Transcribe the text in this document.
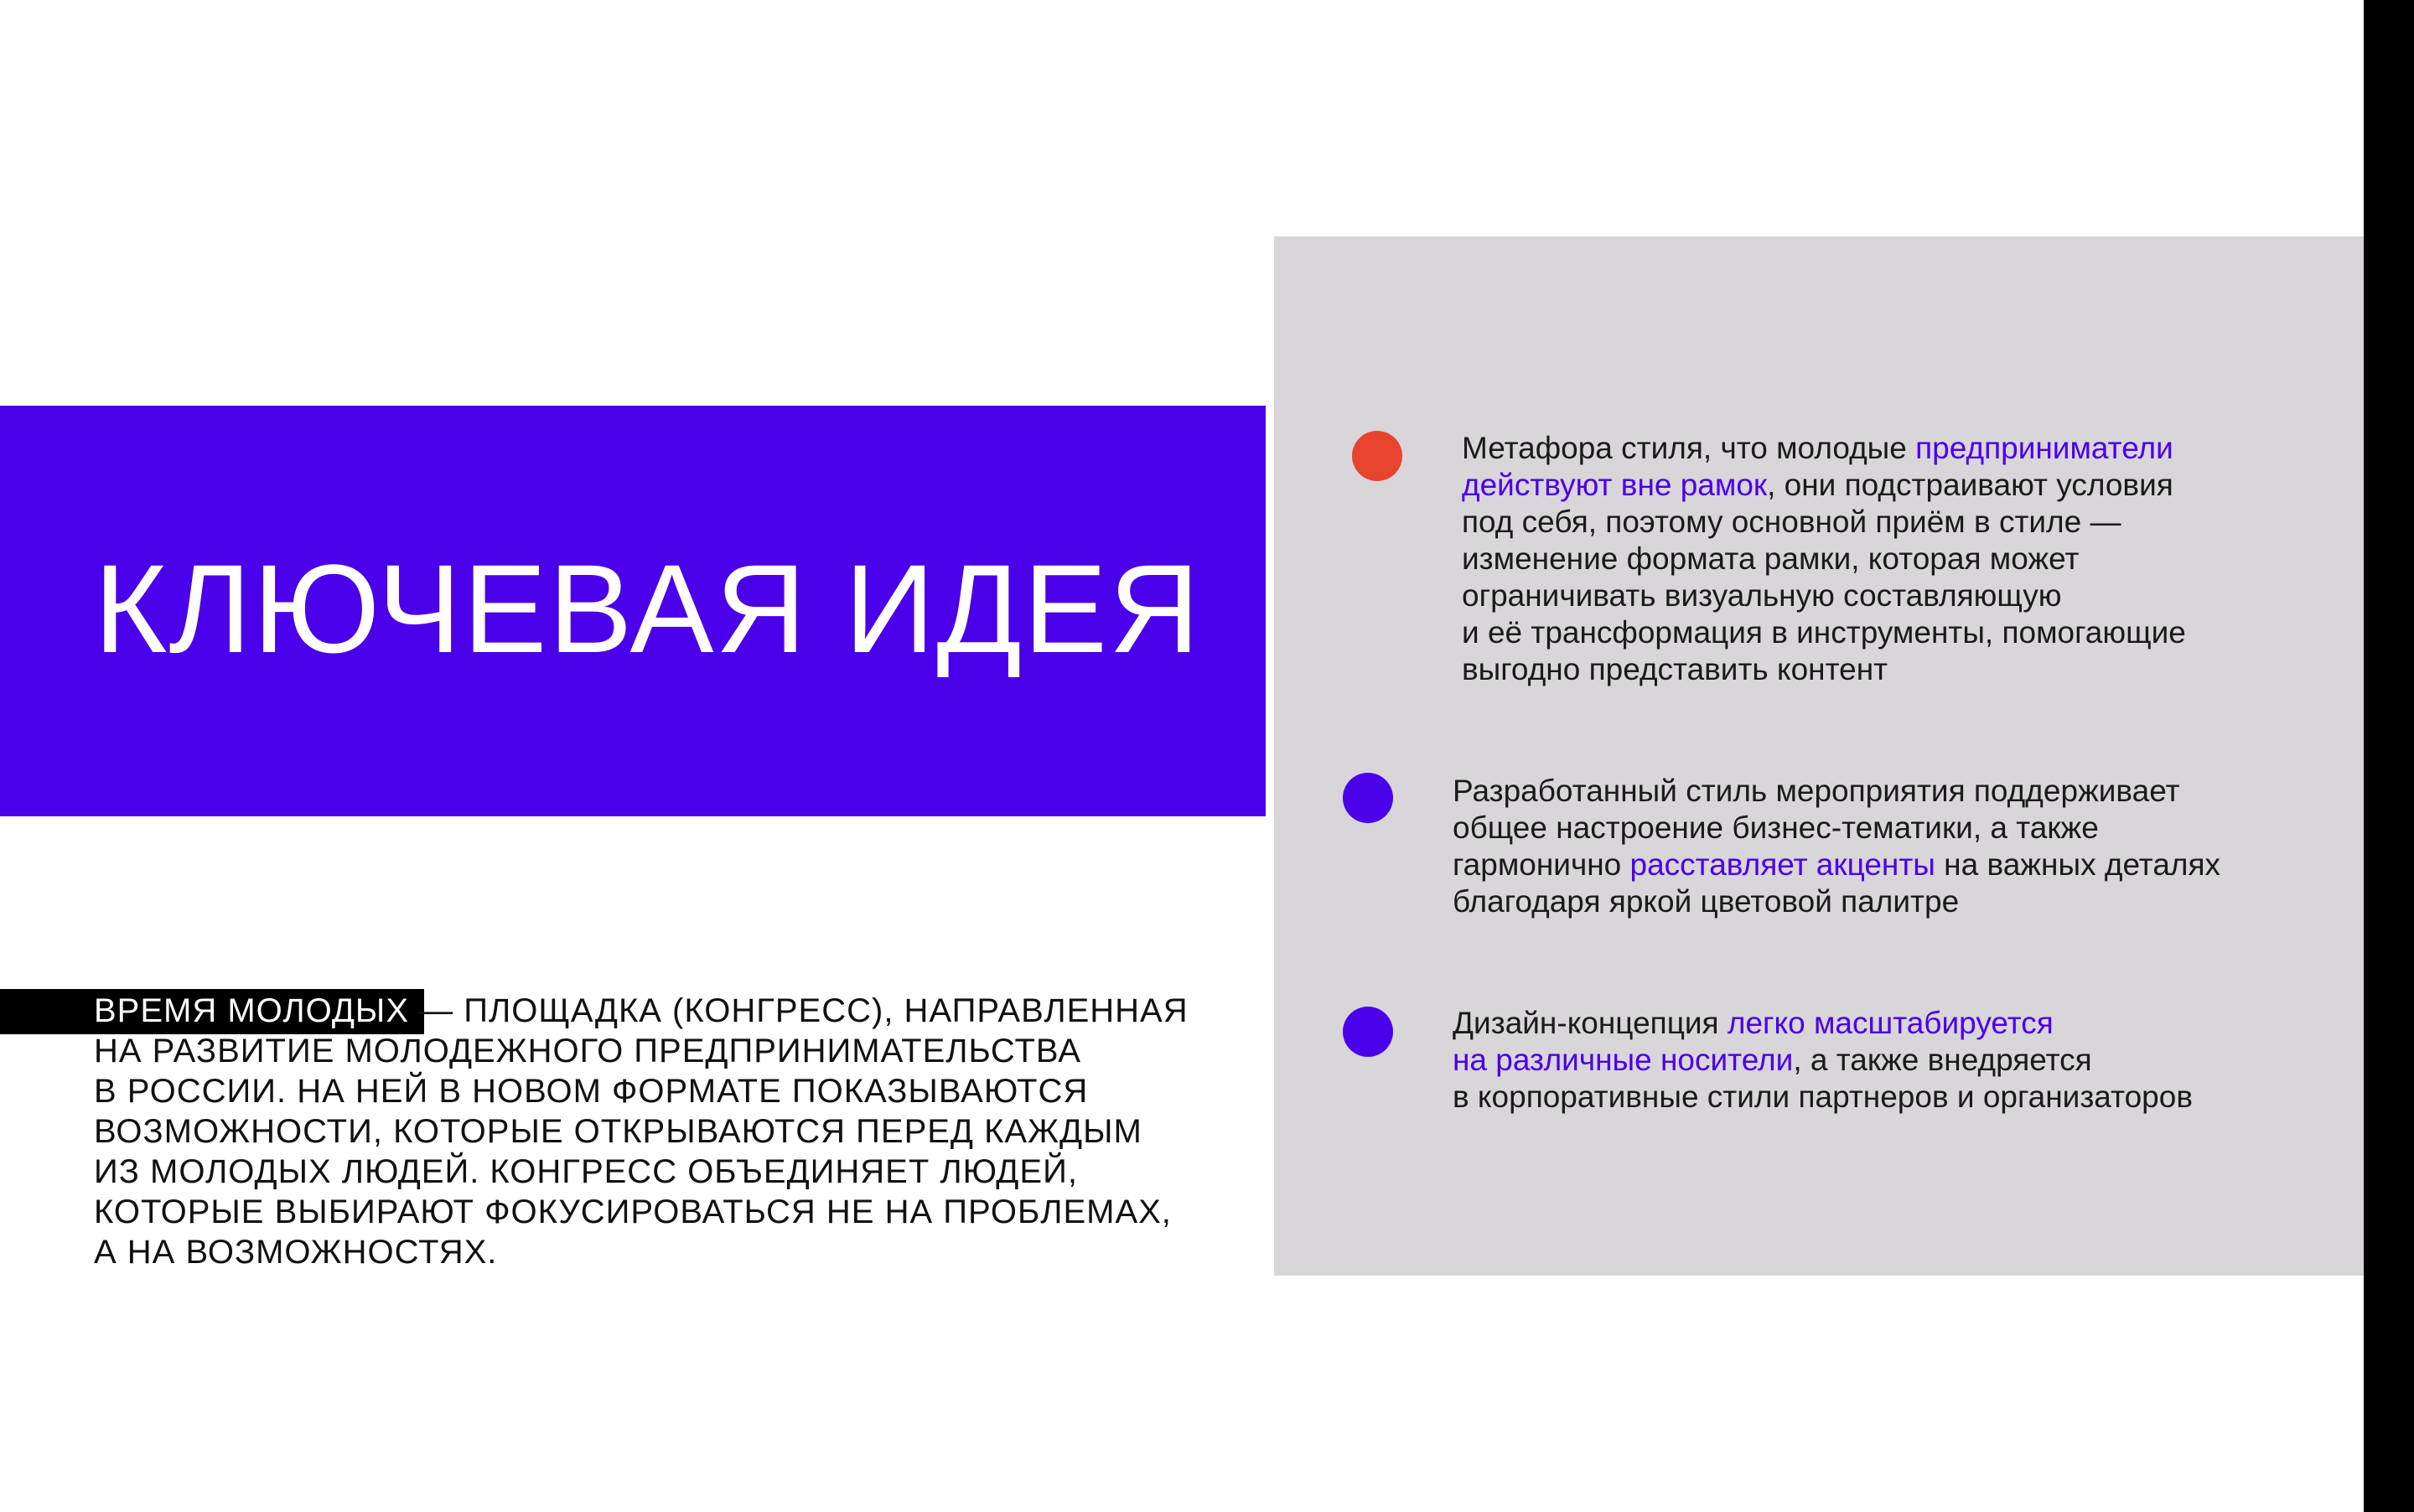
КЛЮЧЕВАЯ ИДЕЯ

ВРЕМЯ МОЛОДЫХ — ПЛОЩАДКА (КОНГРЕСС), НАПРАВЛЕННАЯ
НА РАЗВИТИЕ МОЛОДЕЖНОГО ПРЕДПРИНИМАТЕЛЬСТВА
В РОССИИ. НА НЕЙ В НОВОМ ФОРМАТЕ ПОКАЗЫВАЮТСЯ
ВОЗМОЖНОСТИ, КОТОРЫЕ ОТКРЫВАЮТСЯ ПЕРЕД КАЖДЫМ
ИЗ МОЛОДЫХ ЛЮДЕЙ. КОНГРЕСС ОБЪЕДИНЯЕТ ЛЮДЕЙ,
КОТОРЫЕ ВЫБИРАЮТ ФОКУСИРОВАТЬСЯ НЕ НА ПРОБЛЕМАХ,
А НА ВОЗМОЖНОСТЯХ.

Метафора стиля, что молодые предприниматели
действуют вне рамок, они подстраивают условия
под себя, поэтому основной приём в стиле —
изменение формата рамки, которая может
ограничивать визуальную составляющую
и её трансформация в инструменты, помогающие
выгодно представить контент

Разработанный стиль мероприятия поддерживает
общее настроение бизнес-тематики, а также
гармонично расставляет акценты на важных деталях
благодаря яркой цветовой палитре

Дизайн-концепция легко масштабируется
на различные носители, а также внедряется
в корпоративные стили партнеров и организаторов
